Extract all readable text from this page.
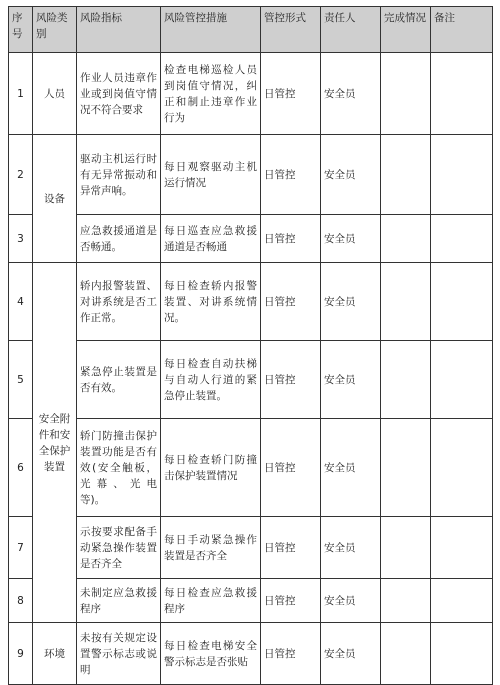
序号	风险类别	风险指标	风险管控措施	管控形式	责任人	完成情况	备注
1	人员	作业人员违章作业或到岗值守情况不符合要求	检查电梯巡检人员到岗值守情况，纠正和制止违章作业行为	日管控	安全员		
2	设备	驱动主机运行时有无异常振动和异常声响。	每日观察驱动主机运行情况	日管控	安全员		
3		应急救援通道是否畅通。	每日巡查应急救援通道是否畅通	日管控	安全员		
4	安全附件和安全保护装置	轿内报警装置、对讲系统是否工作正常。	每日检查轿内报警装置、对讲系统情况。	日管控	安全员		
5		紧急停止装置是否有效。	每日检查自动扶梯与自动人行道的紧急停止装置。	日管控	安全员		
6		轿门防撞击保护装置功能是否有效(安全触板，光幕、光电等)。	每日检查轿门防撞击保护装置情况	日管控	安全员		
7		示按要求配备手动紧急操作装置是否齐全	每日手动紧急操作装置是否齐全	日管控	安全员		
8		未制定应急救援程序	每日检查应急救援程序	日管控	安全员		
9	环境	未按有关规定设置警示标志或说明	每日检查电梯安全警示标志是否张贴	日管控	安全员		
